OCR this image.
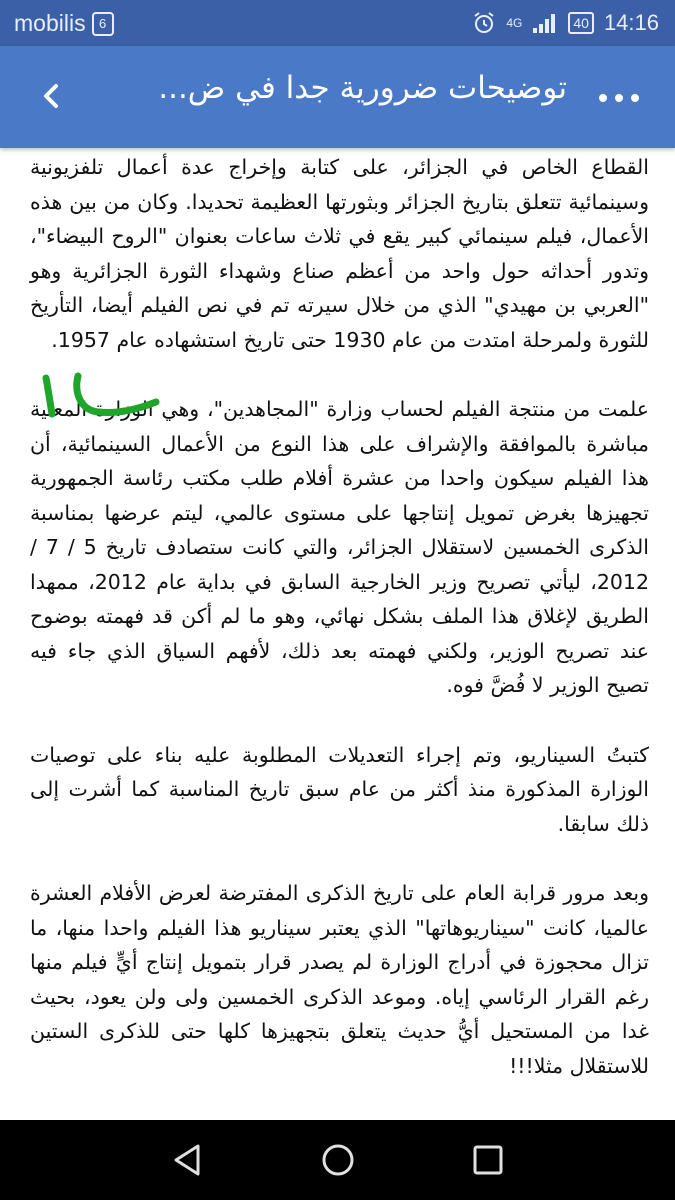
mobilis	6	4G	40 14:16
توضيحات ضرورية جدا في ض...

القطاع الخاص في الجزائر، على كتابة وإخراج عدة أعمال تلفزيونية وسينمائية تتعلق بتاريخ الجزائر وبثورتها العظيمة تحديدا. وكان من بين هذه الأعمال، فيلم سينمائي كبير يقع في ثلاث ساعات بعنوان "الروح البيضاء"، وتدور أحداثه حول واحد من أعظم صناع وشهداء الثورة الجزائرية وهو "العربي بن مهيدي" الذي من خلال سيرته تم في نص الفيلم أيضا، التأريخ للثورة ولمرحلة امتدت من عام 1930 حتى تاريخ استشهاده عام 1957.

علمت من منتجة الفيلم لحساب وزارة "المجاهدين"، وهي الوزارة المعنية مباشرة بالموافقة والإشراف على هذا النوع من الأعمال السينمائية، أن هذا الفيلم سيكون واحدا من عشرة أفلام طلب مكتب رئاسة الجمهورية تجهيزها بغرض تمويل إنتاجها على مستوى عالمي، ليتم عرضها بمناسبة الذكرى الخمسين لاستقلال الجزائر، والتي كانت ستصادف تاريخ 5 / 7 / 2012، ليأتي تصريح وزير الخارجية السابق في بداية عام 2012، ممهدا الطريق لإغلاق هذا الملف بشكل نهائي، وهو ما لم أكن قد فهمته بوضوح عند تصريح الوزير، ولكني فهمته بعد ذلك، لأفهم السياق الذي جاء فيه تصيح الوزير لا فُضَّ فوه.

كتبتُ السيناريو، وتم إجراء التعديلات المطلوبة عليه بناء على توصيات الوزارة المذكورة منذ أكثر من عام سبق تاريخ المناسبة كما أشرت إلى ذلك سابقا.

وبعد مرور قرابة العام على تاريخ الذكرى المفترضة لعرض الأفلام العشرة عالميا، كانت "سيناريوهاتها" الذي يعتبر سيناريو هذا الفيلم واحدا منها، ما تزال محجوزة في أدراج الوزارة لم يصدر قرار بتمويل إنتاج أيٍّ فيلم منها رغم القرار الرئاسي إياه. وموعد الذكرى الخمسين ولى ولن يعود، بحيث غدا من المستحيل أيُّ حديث يتعلق بتجهيزها كلها حتى للذكرى الستين للاستقلال مثلا!!!
